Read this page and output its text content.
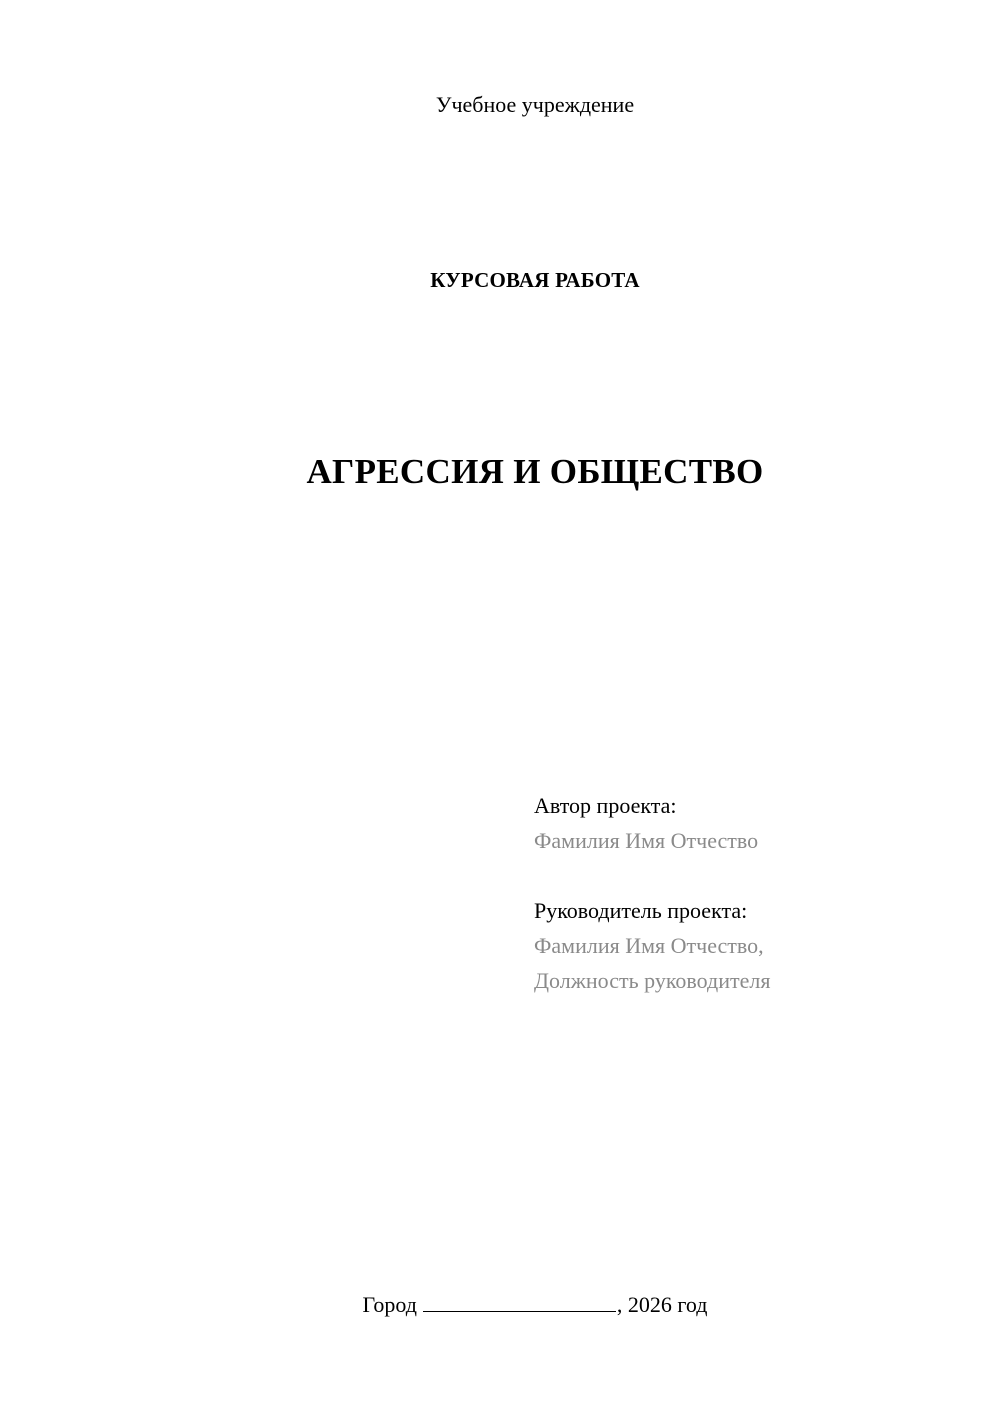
Учебное учреждение
КУРСОВАЯ РАБОТА
АГРЕССИЯ И ОБЩЕСТВО
Автор проекта:
Фамилия Имя Отчество
Руководитель проекта:
Фамилия Имя Отчество,
Должность руководителя
Город	, 2026 год
